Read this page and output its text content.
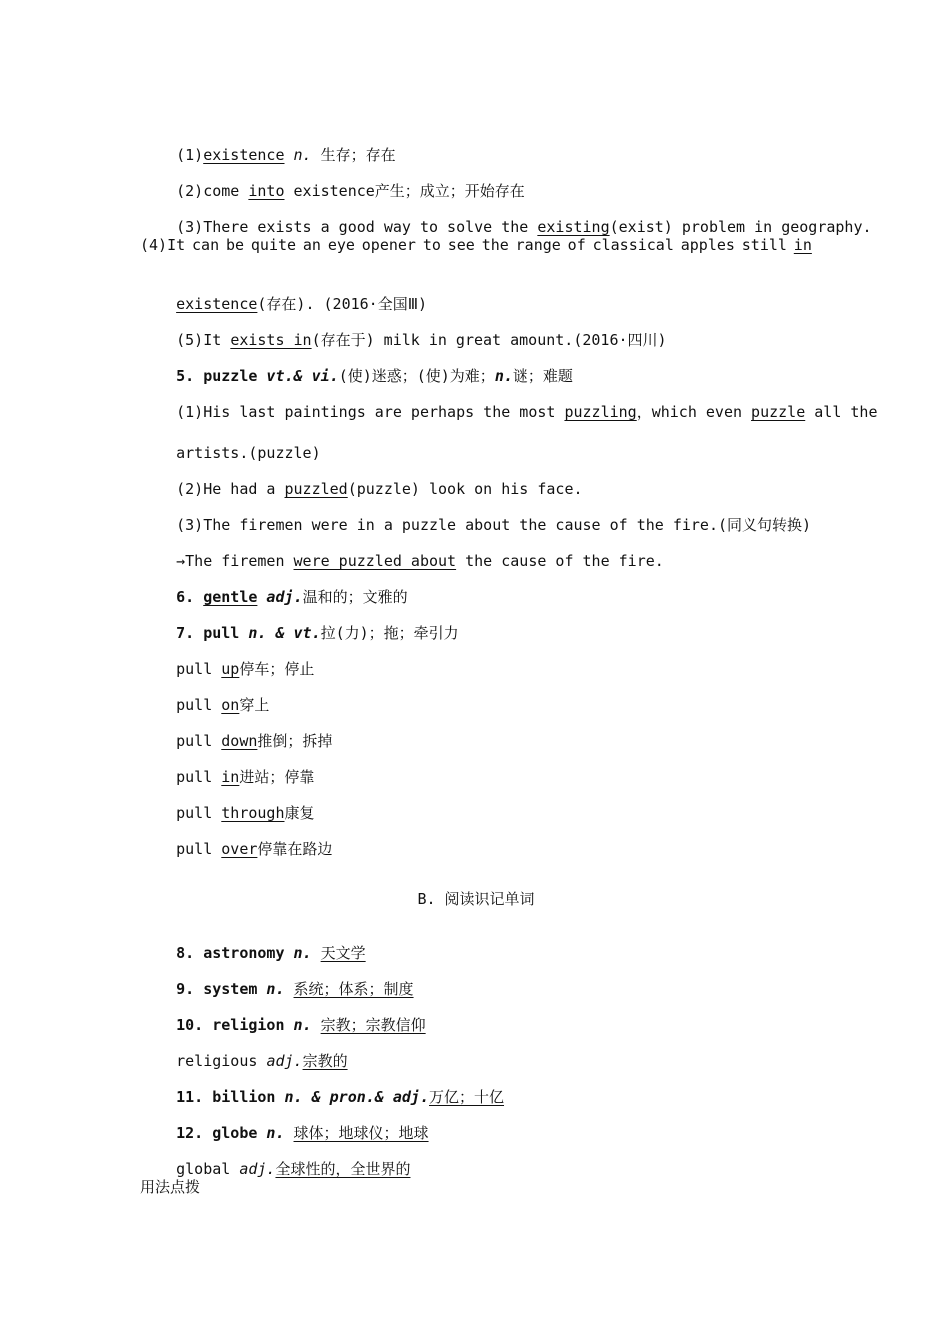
(1)existence n. 生存；存在

(2)come into existence产生；成立；开始存在

(3)There exists a good way to solve the existing(exist) problem in geography.

(4)It can be quite an eye opener to see the range of classical apples still in

existence(存在). (2016·全国Ⅲ)

(5)It exists in(存在于) milk in great amount.(2016·四川)

5. puzzle vt.& vi.(使)迷惑；(使)为难；n.谜；难题

(1)His last paintings are perhaps the most puzzling，which even puzzle all the

artists.(puzzle)

(2)He had a puzzled(puzzle) look on his face.

(3)The firemen were in a puzzle about the cause of the fire.(同义句转换)

→The firemen were puzzled about the cause of the fire.

6. gentle adj.温和的；文雅的

7. pull n. & vt.拉(力)；拖；牵引力

pull up停车；停止

pull on穿上

pull down推倒；拆掉

pull in进站；停靠

pull through康复

pull over停靠在路边

B. 阅读识记单词

8. astronomy n. 天文学

9. system n. 系统；体系；制度

10. religion n. 宗教；宗教信仰

religious adj.宗教的

11. billion n. & pron.& adj.万亿；十亿

12. globe n. 球体；地球仪；地球

global adj.全球性的，全世界的

用法点拨
